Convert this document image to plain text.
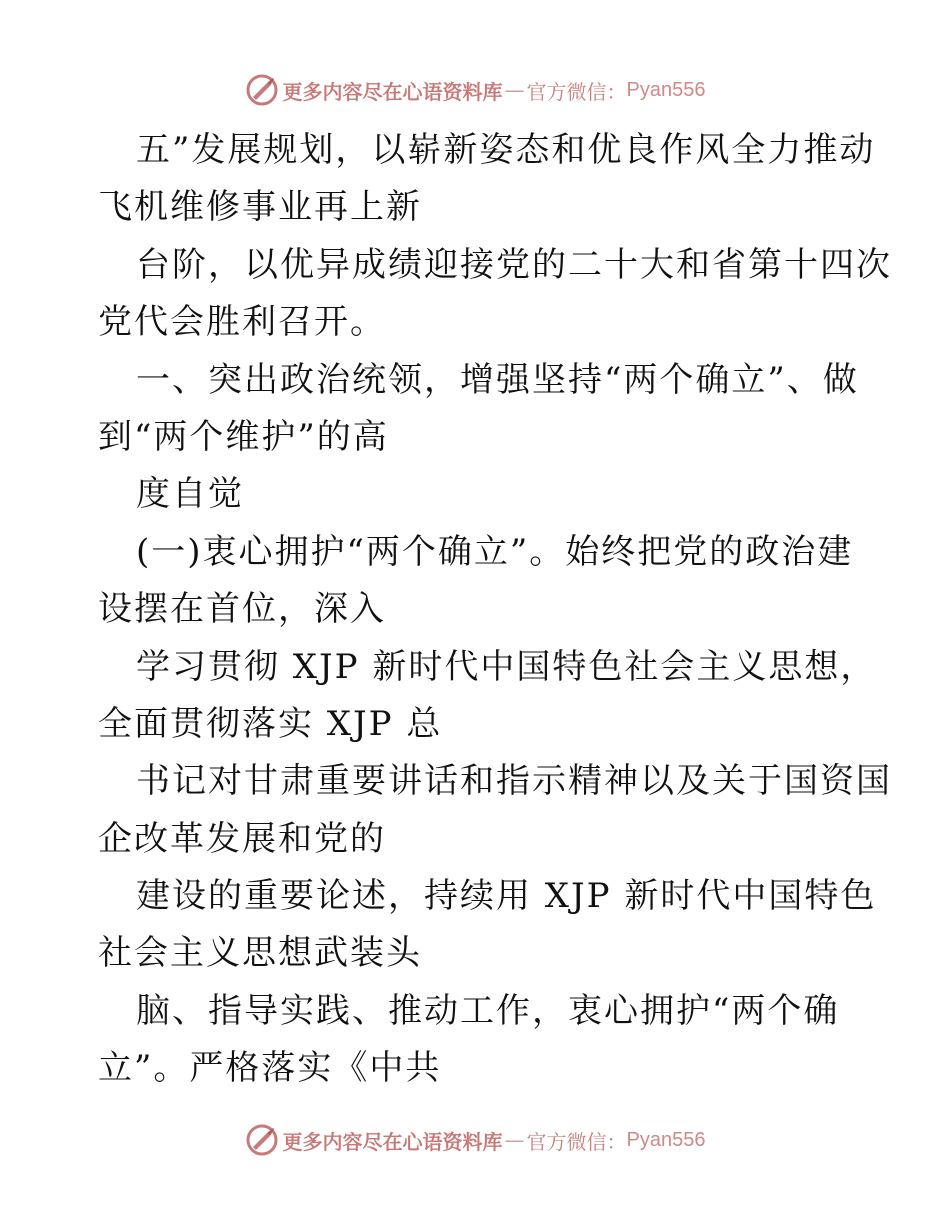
更多内容尽在心语资料库 — 官方微信： Pyan556
五”发展规划，以崭新姿态和优良作风全力推动
飞机维修事业再上新
台阶，以优异成绩迎接党的二十大和省第十四次
党代会胜利召开。
一、突出政治统领，增强坚持“两个确立”、做
到“两个维护”的高
度自觉
(一)衷心拥护“两个确立”。始终把党的政治建
设摆在首位，深入
学习贯彻 XJP 新时代中国特色社会主义思想，
全面贯彻落实 XJP 总
书记对甘肃重要讲话和指示精神以及关于国资国
企改革发展和党的
建设的重要论述，持续用 XJP 新时代中国特色
社会主义思想武装头
脑、指导实践、推动工作，衷心拥护“两个确
立”。严格落实《中共
更多内容尽在心语资料库 — 官方微信： Pyan556
